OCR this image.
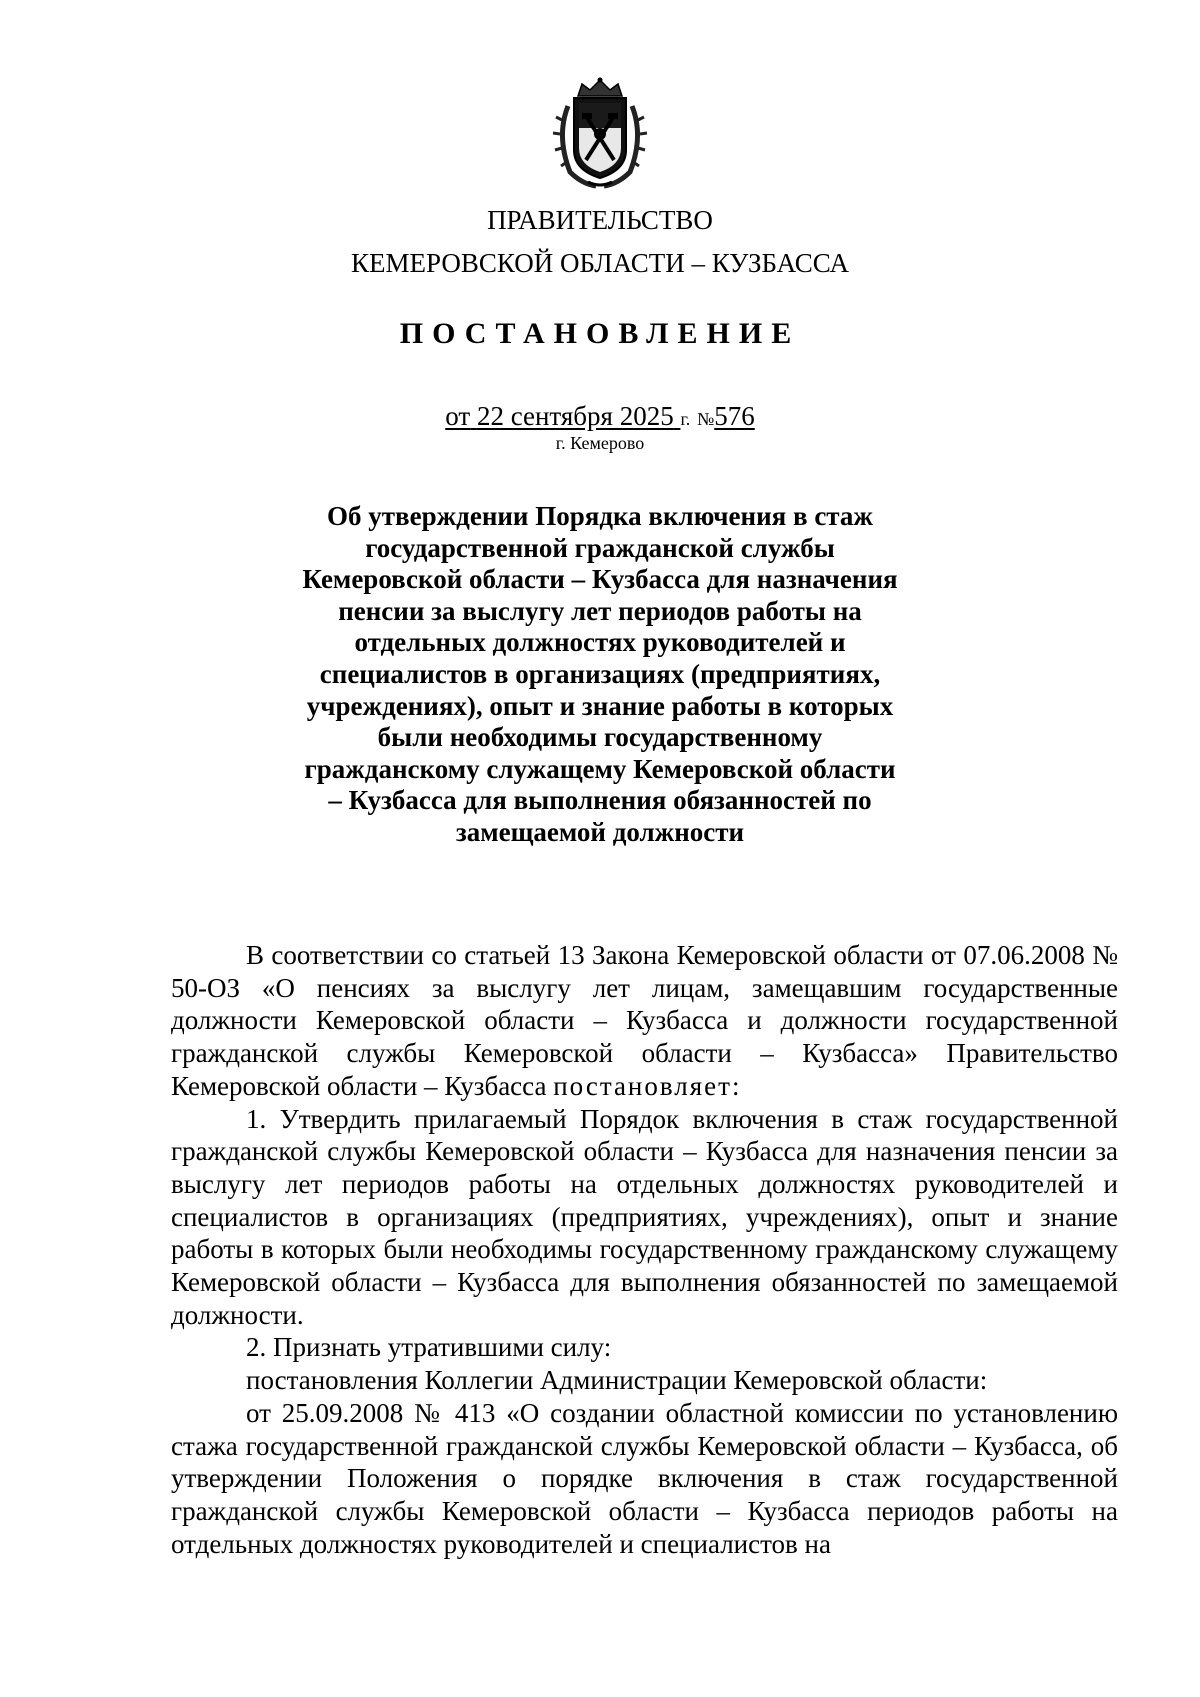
ПРАВИТЕЛЬСТВО
КЕМЕРОВСКОЙ ОБЛАСТИ – КУЗБАССА
ПОСТАНОВЛЕНИЕ
от 22 сентября 2025 г. №576
г. Кемерово

Об утверждении Порядка включения в стаж государственной гражданской службы Кемеровской области – Кузбасса для назначения пенсии за выслугу лет периодов работы на отдельных должностях руководителей и специалистов в организациях (предприятиях, учреждениях), опыт и знание работы в которых были необходимы государственному гражданскому служащему Кемеровской области – Кузбасса для выполнения обязанностей по замещаемой должности

В соответствии со статьей 13 Закона Кемеровской области от 07.06.2008 № 50-ОЗ «О пенсиях за выслугу лет лицам, замещавшим государственные должности Кемеровской области – Кузбасса и должности государственной гражданской службы Кемеровской области – Кузбасса» Правительство Кемеровской области – Кузбасса постановляет:

1. Утвердить прилагаемый Порядок включения в стаж государственной гражданской службы Кемеровской области – Кузбасса для назначения пенсии за выслугу лет периодов работы на отдельных должностях руководителей и специалистов в организациях (предприятиях, учреждениях), опыт и знание работы в которых были необходимы государственному гражданскому служащему Кемеровской области – Кузбасса для выполнения обязанностей по замещаемой должности.

2. Признать утратившими силу:

постановления Коллегии Администрации Кемеровской области:

от 25.09.2008 № 413 «О создании областной комиссии по установлению стажа государственной гражданской службы Кемеровской области – Кузбасса, об утверждении Положения о порядке включения в стаж государственной гражданской службы Кемеровской области – Кузбасса периодов работы на отдельных должностях руководителей и специалистов на
